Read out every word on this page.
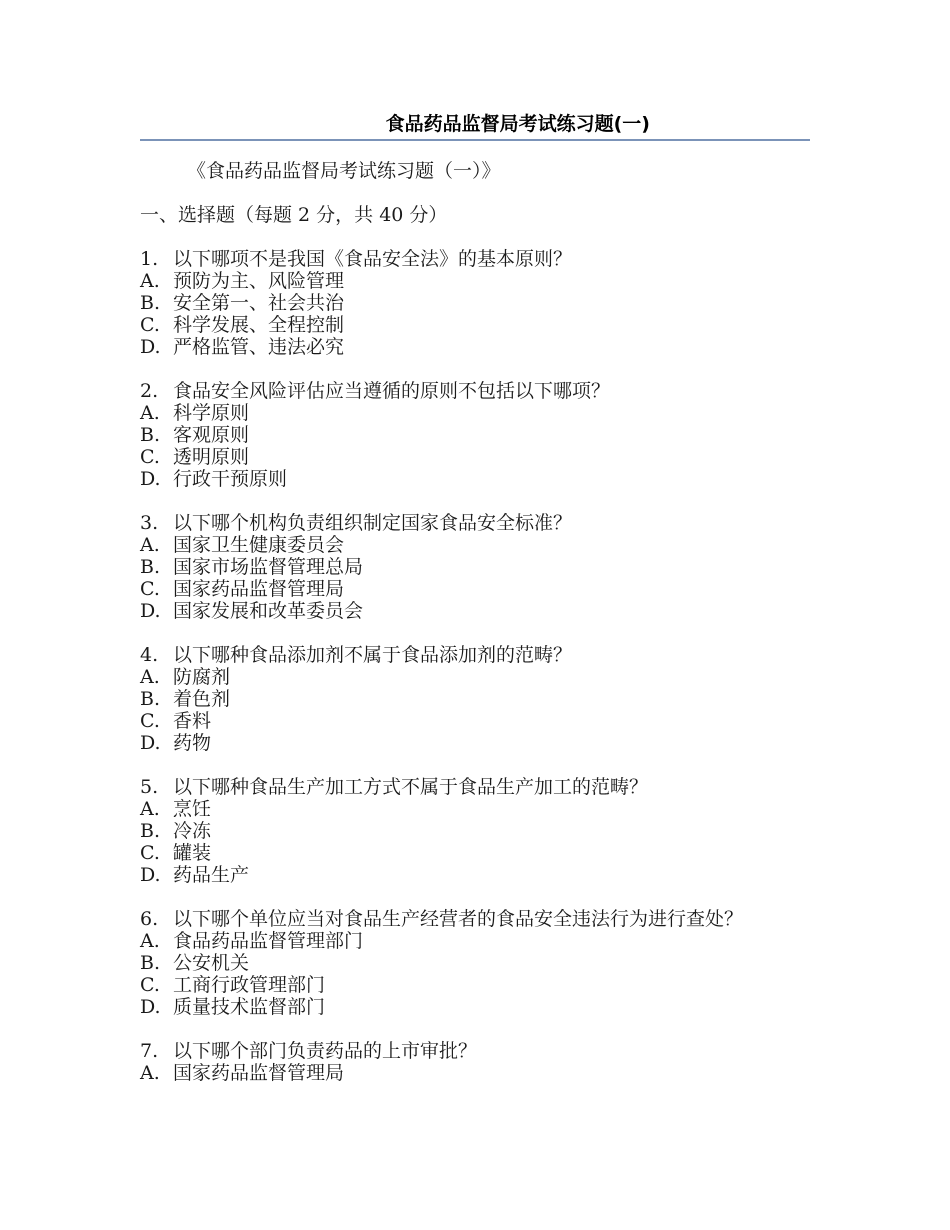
食品药品监督局考试练习题(一)
《食品药品监督局考试练习题（一）》
一、选择题（每题 2 分，共 40 分）

1. 以下哪项不是我国《食品安全法》的基本原则？

A. 预防为主、风险管理

B. 安全第一、社会共治

C. 科学发展、全程控制

D. 严格监管、违法必究

2. 食品安全风险评估应当遵循的原则不包括以下哪项？

A. 科学原则

B. 客观原则

C. 透明原则

D. 行政干预原则

3. 以下哪个机构负责组织制定国家食品安全标准？

A. 国家卫生健康委员会

B. 国家市场监督管理总局

C. 国家药品监督管理局

D. 国家发展和改革委员会

4. 以下哪种食品添加剂不属于食品添加剂的范畴？

A. 防腐剂

B. 着色剂

C. 香料

D. 药物

5. 以下哪种食品生产加工方式不属于食品生产加工的范畴？

A. 烹饪

B. 冷冻

C. 罐装

D. 药品生产

6. 以下哪个单位应当对食品生产经营者的食品安全违法行为进行查处？

A. 食品药品监督管理部门

B. 公安机关

C. 工商行政管理部门

D. 质量技术监督部门

7. 以下哪个部门负责药品的上市审批？

A. 国家药品监督管理局
